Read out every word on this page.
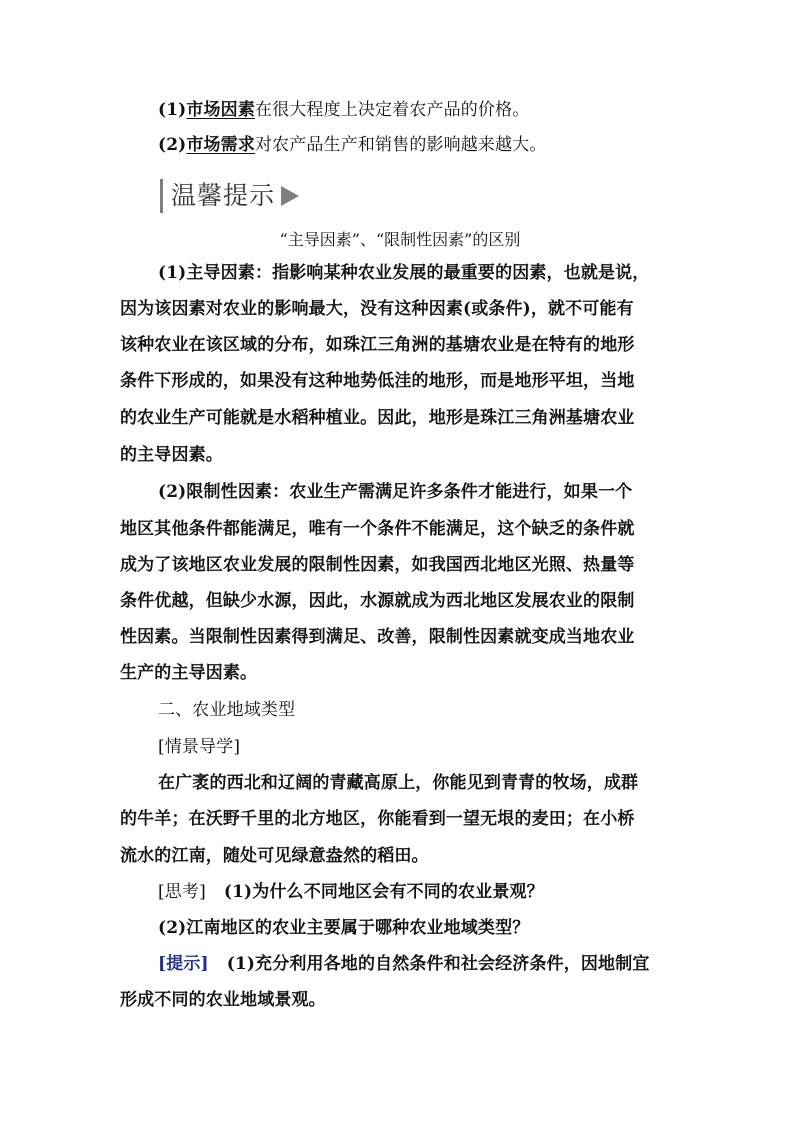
(1)市场因素在很大程度上决定着农产品的价格。
(2)市场需求对农产品生产和销售的影响越来越大。
温馨提示
“主导因素”、“限制性因素”的区别
(1)主导因素：指影响某种农业发展的最重要的因素，也就是说，
因为该因素对农业的影响最大，没有这种因素(或条件)，就不可能有
该种农业在该区域的分布，如珠江三角洲的基塘农业是在特有的地形
条件下形成的，如果没有这种地势低洼的地形，而是地形平坦，当地
的农业生产可能就是水稻种植业。因此，地形是珠江三角洲基塘农业
的主导因素。
(2)限制性因素：农业生产需满足许多条件才能进行，如果一个
地区其他条件都能满足，唯有一个条件不能满足，这个缺乏的条件就
成为了该地区农业发展的限制性因素，如我国西北地区光照、热量等
条件优越，但缺少水源，因此，水源就成为西北地区发展农业的限制
性因素。当限制性因素得到满足、改善，限制性因素就变成当地农业
生产的主导因素。
二、农业地域类型
[情景导学]
在广袤的西北和辽阔的青藏高原上，你能见到青青的牧场，成群
的牛羊；在沃野千里的北方地区，你能看到一望无垠的麦田；在小桥
流水的江南，随处可见绿意盎然的稻田。
[思考] (1)为什么不同地区会有不同的农业景观？
(2)江南地区的农业主要属于哪种农业地域类型？
[提示] (1)充分利用各地的自然条件和社会经济条件，因地制宜
形成不同的农业地域景观。
